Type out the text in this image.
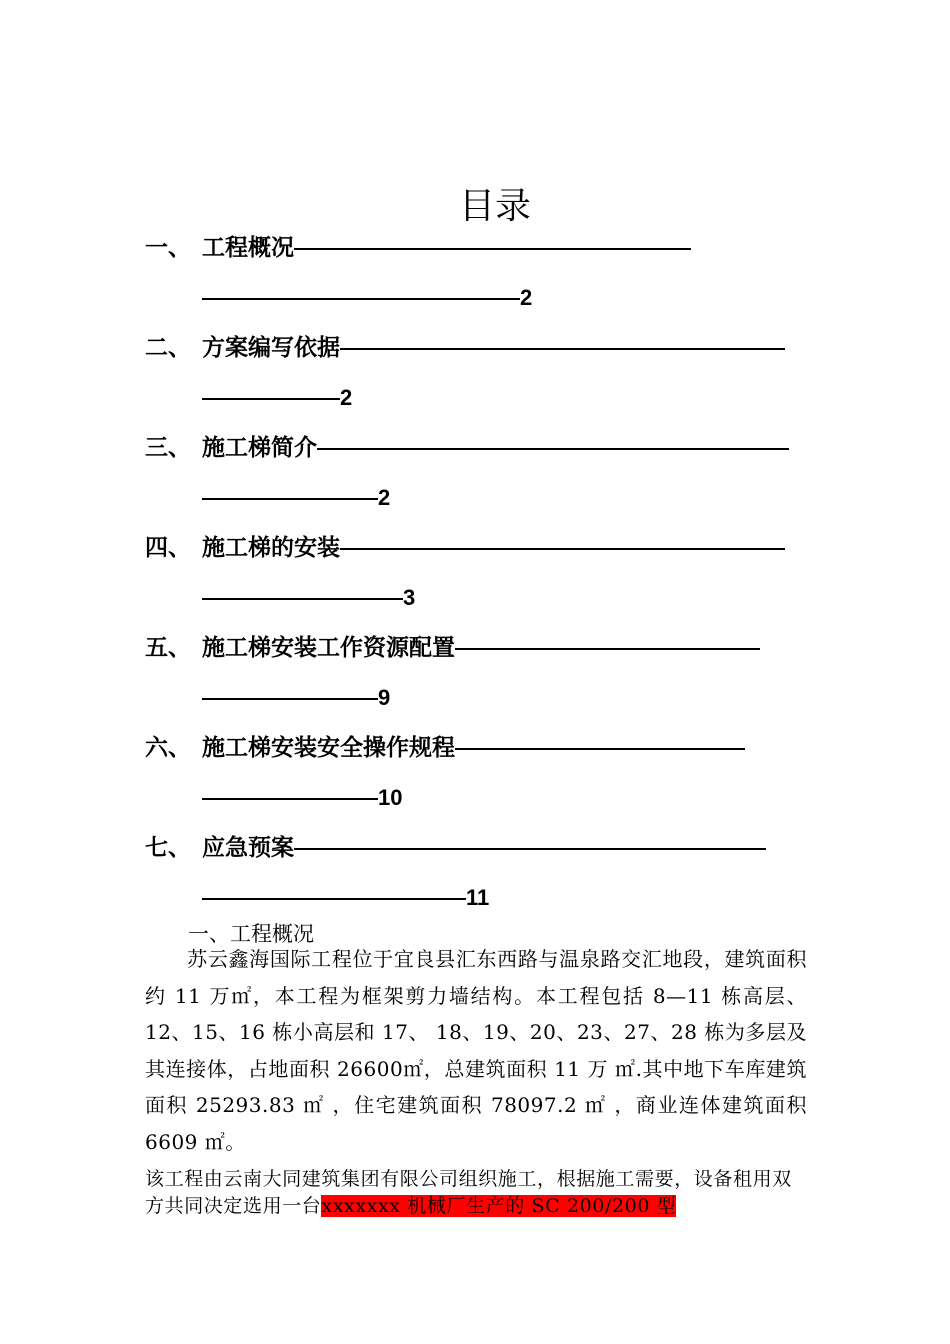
目录
一、 工程概况
2
二、 方案编写依据
2
三、 施工梯简介
2
四、 施工梯的安装
3
五、 施工梯安装工作资源配置
9
六、 施工梯安装安全操作规程
10
七、 应急预案
11
一、工程概况
苏云鑫海国际工程位于宜良县汇东西路与温泉路交汇地段，建筑面积约 11 万㎡，本工程为框架剪力墙结构。本工程包括 8—11 栋高层、12、15、16 栋小高层和 17、 18、19、20、23、27、28 栋为多层及其连接体，占地面积 26600㎡，总建筑面积 11 万 ㎡.其中地下车库建筑面积 25293.83 ㎡ ，住宅建筑面积 78097.2 ㎡ ，商业连体建筑面积 6609 ㎡。
该工程由云南大同建筑集团有限公司组织施工，根据施工需要，设备租用双方共同决定选用一台xxxxxxx 机械厂生产的 SC 200/200 型
